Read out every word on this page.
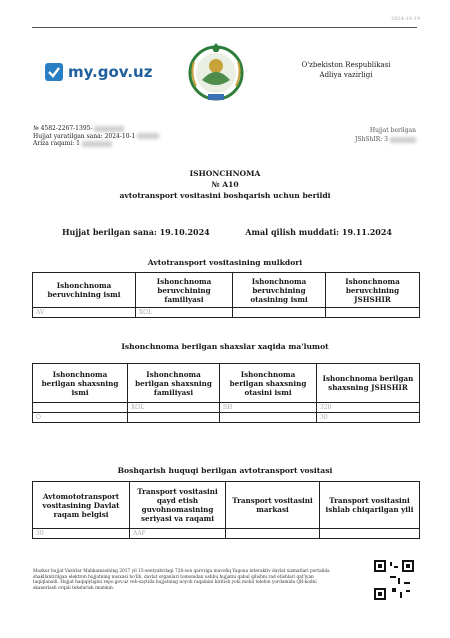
2024-10-19
my.gov.uz	O'zbekiston Respublikasi
Adliya vazirligi
№ 4582-2267-1395-
Hujjat yaratilgan sana: 2024-10-1
Ariza raqami: 1
Hujjat berilgan
JShShIR: 3
ISHONCHNOMA
№ A10
avtotransport vositasini boshqarish uchun berildi
Hujjat berilgan sana: 19.10.2024	Amal qilish muddati: 19.11.2024
Avtotransport vositasining mulkdori
Ishonchnoma beruvchining ismi	Ishonchnoma beruvchining familiyasi	Ishonchnoma beruvchining otasining ismi	Ishonchnoma beruvchining JSHSHIR
AV	XOL		
Ishonchnoma berilgan shaxslar xaqida ma'lumot
Ishonchnoma berilgan shaxsning ismi	Ishonchnoma berilgan shaxsning familiyasi	Ishonchnoma berilgan shaxsning otasini ismi	Ishonchnoma berilgan shaxsning JSHSHIR
	XOL	SH	320
O			30
Boshqarish huquqi berilgan avtotransport vositasi
Avtomototransport vositasining Davlat raqam belgisi	Transport vositasini qayd etish guvohnomasining seriyasi va raqami	Transport vositasini markasi	Transport vositasini ishlab chiqarilgan yili
30	AAF		
Mazkur hujjat Vazirlar Mahkamasining 2017 yil 15-sentyabrdagi 728-son qaroriga muvofiq Yagona interaktiv davlat xizmatlari portalida shakllantirilgan elektron hujjatning nusxasi bo'lib, davlat organlari tomonidan ushbu hujjatni qabul qilishni rad etishlari qat'iyan taqiqlanadi. Hujjat haqiqiyligini repo.gov.uz veb-saytida hujjatning noyob raqamini kiritish yoki mobil telefon yordamida QR-kodni skanerlash orqali tekshirish mumkin.
